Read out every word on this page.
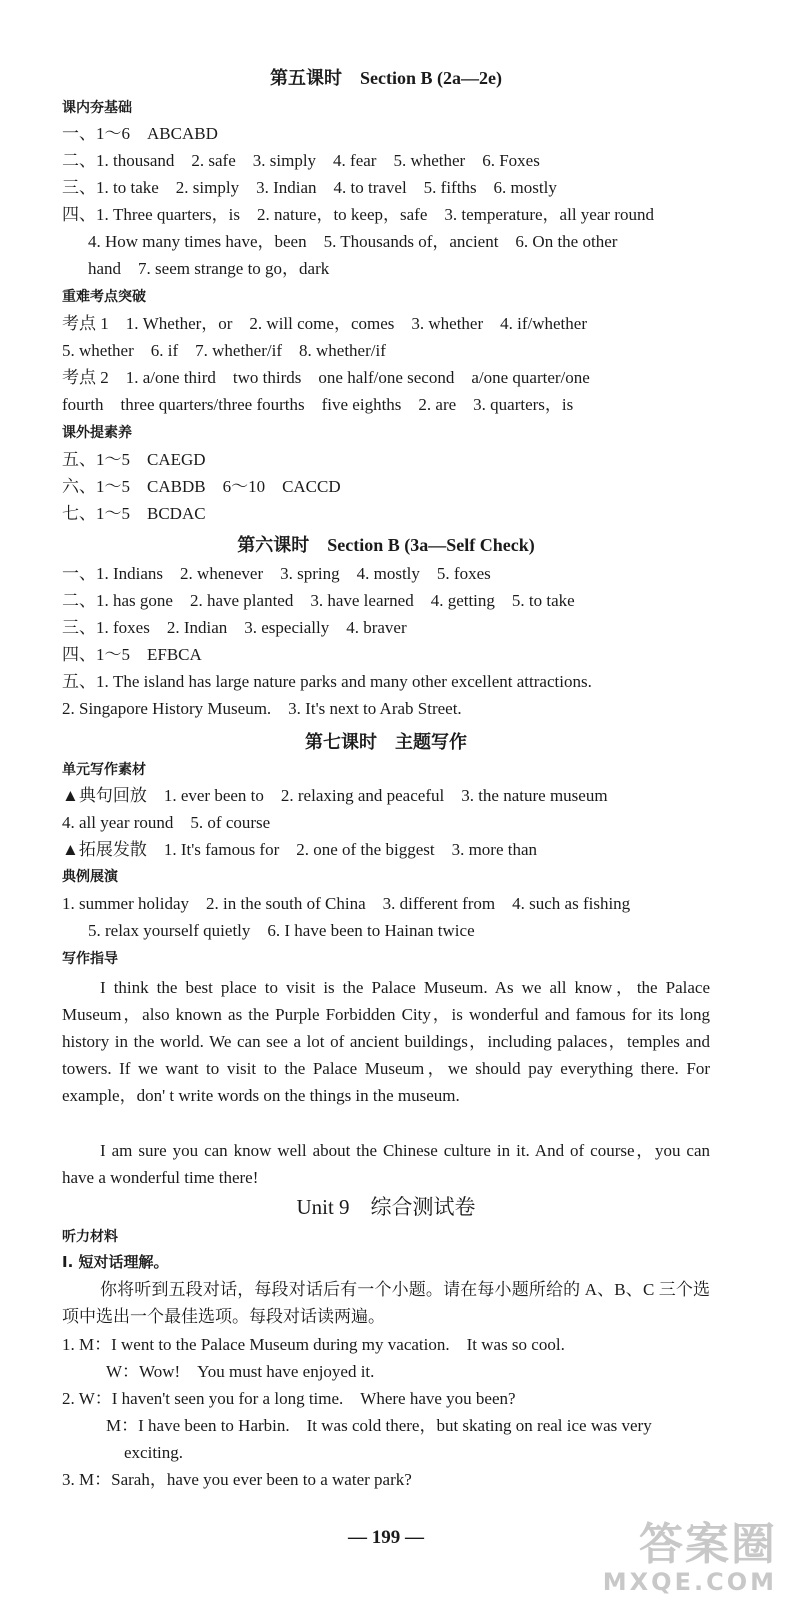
第五课时　Section B (2a—2e)
课内夯基础
一、1～6　ABCABD
二、1. thousand　2. safe　3. simply　4. fear　5. whether　6. Foxes
三、1. to take　2. simply　3. Indian　4. to travel　5. fifths　6. mostly
四、1. Three quarters，is　2. nature，to keep，safe　3. temperature，all year round
4. How many times have，been　5. Thousands of，ancient　6. On the other
hand　7. seem strange to go，dark
重难考点突破
考点 1　1. Whether，or　2. will come，comes　3. whether　4. if/whether
5. whether　6. if　7. whether/if　8. whether/if
考点 2　1. a/one third　two thirds　one half/one second　a/one quarter/one
fourth　three quarters/three fourths　five eighths　2. are　3. quarters，is
课外提素养
五、1～5　CAEGD
六、1～5　CABDB　6～10　CACCD
七、1～5　BCDAC
第六课时　Section B (3a—Self Check)
一、1. Indians　2. whenever　3. spring　4. mostly　5. foxes
二、1. has gone　2. have planted　3. have learned　4. getting　5. to take
三、1. foxes　2. Indian　3. especially　4. braver
四、1～5　EFBCA
五、1. The island has large nature parks and many other excellent attractions.
2. Singapore History Museum.　3. It's next to Arab Street.
第七课时　主题写作
单元写作素材
▲典句回放　1. ever been to　2. relaxing and peaceful　3. the nature museum
4. all year round　5. of course
▲拓展发散　1. It's famous for　2. one of the biggest　3. more than
典例展演
1. summer holiday　2. in the south of China　3. different from　4. such as fishing
5. relax yourself quietly　6. I have been to Hainan twice
写作指导
I think the best place to visit is the Palace Museum. As we all know，the Palace Museum，also known as the Purple Forbidden City，is wonderful and famous for its long history in the world. We can see a lot of ancient buildings，including palaces，temples and towers. If we want to visit to the Palace Museum，we should pay everything there. For example，don' t write words on the things in the museum.
I am sure you can know well about the Chinese culture in it. And of course，you can have a wonderful time there!
Unit 9　综合测试卷
听力材料
Ⅰ. 短对话理解。
你将听到五段对话，每段对话后有一个小题。请在每小题所给的 A、B、C 三个选项中选出一个最佳选项。每段对话读两遍。
1. M：I went to the Palace Museum during my vacation.　It was so cool.
W：Wow!　You must have enjoyed it.
2. W：I haven't seen you for a long time.　Where have you been?
M：I have been to Harbin.　It was cold there，but skating on real ice was very
exciting.
3. M：Sarah，have you ever been to a water park?
— 199 —	答案圈
MXQE.COM
